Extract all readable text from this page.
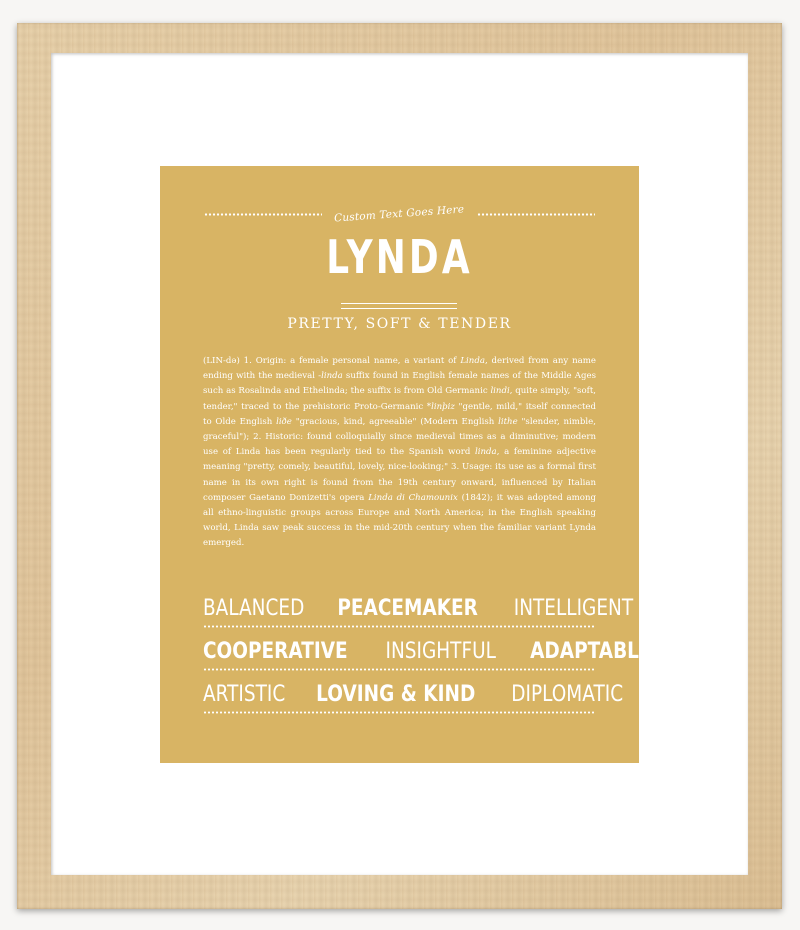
Custom Text Goes Here
LYNDA
PRETTY, SOFT & TENDER
(LIN-də) 1. Origin: a female personal name, a variant of Linda, derived from any name ending with the medieval -linda suffix found in English female names of the Middle Ages such as Rosalinda and Ethelinda; the suffix is from Old Germanic lindi, quite simply, "soft, tender," traced to the prehistoric Proto-Germanic *linþiz "gentle, mild," itself connected to Olde English liðe "gracious, kind, agreeable" (Modern English lithe "slender, nimble, graceful"); 2. Historic: found colloquially since medieval times as a diminutive; modern use of Linda has been regularly tied to the Spanish word linda, a feminine adjective meaning "pretty, comely, beautiful, lovely, nice-looking;" 3. Usage: its use as a formal first name in its own right is found from the 19th century onward, influenced by Italian composer Gaetano Donizetti's opera Linda di Chamounix (1842); it was adopted among all ethno-linguistic groups across Europe and North America; in the English speaking world, Linda saw peak success in the mid-20th century when the familiar variant Lynda emerged.
BALANCED PEACEMAKER INTELLIGENT
COOPERATIVE INSIGHTFUL ADAPTABLE
ARTISTIC LOVING & KIND DIPLOMATIC
